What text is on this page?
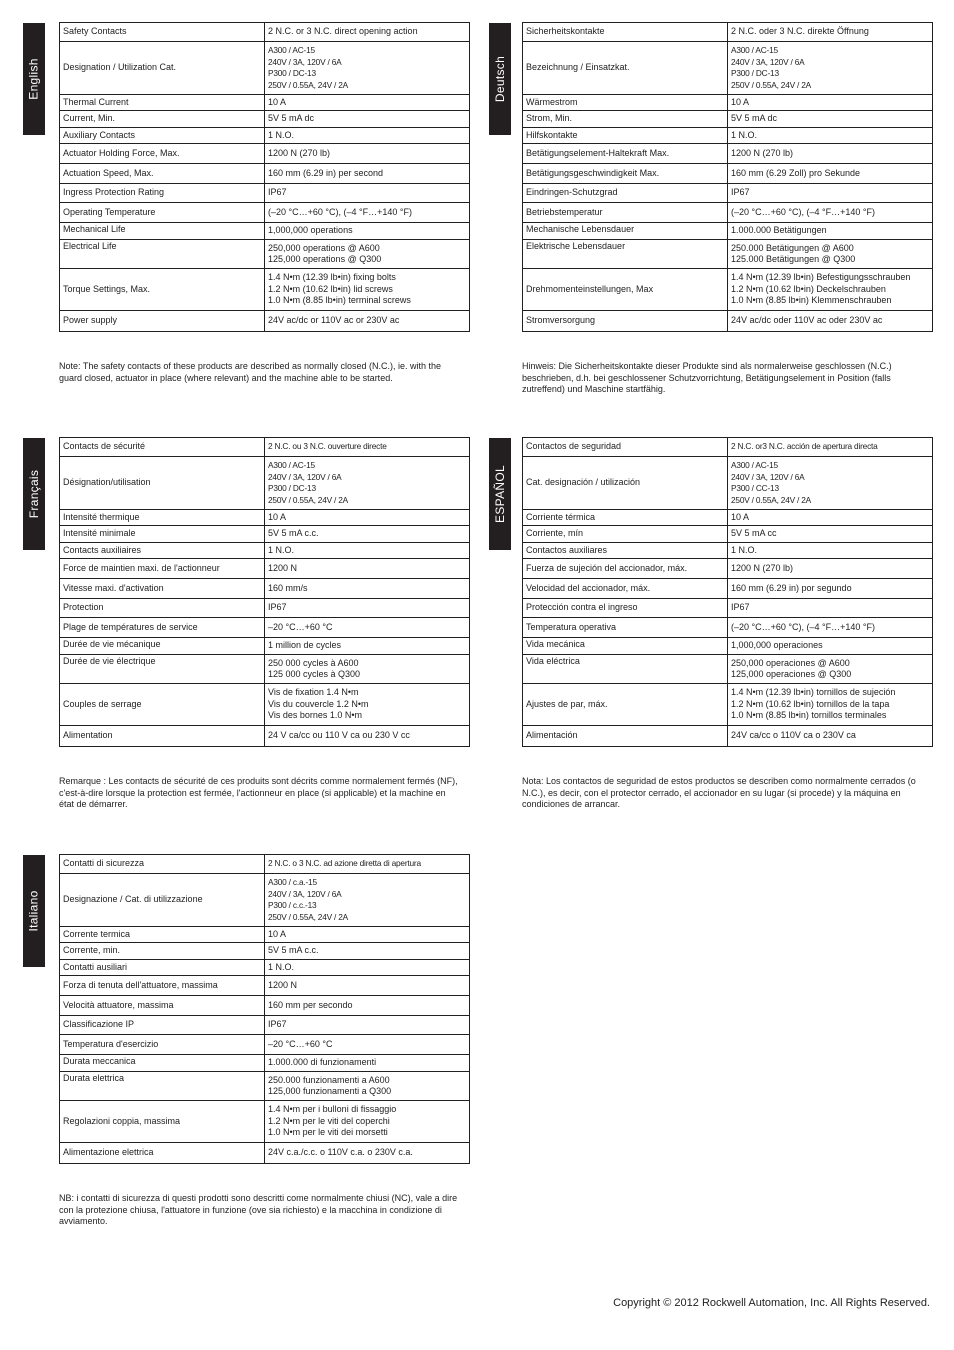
English	Deutsch
Français	ESPAÑOL
Italiano
Safety Contacts	2 N.C. or 3 N.C. direct opening action

Designation / Utilization Cat.	A300 / AC-15
240V / 3A, 120V / 6A
P300 / DC-13
250V / 0.55A, 24V / 2A

Thermal Current	10 A

Current, Min.	5V 5 mA dc

Auxiliary Contacts	1 N.O.

Actuator Holding Force, Max.	1200 N (270 lb)

Actuation Speed, Max.	160 mm (6.29 in) per second

Ingress Protection Rating	IP67

Operating Temperature	(–20 °C…+60 °C), (–4 °F…+140 °F)

Mechanical Life	1,000,000 operations

Electrical Life	250,000 operations @ A600
125,000 operations @ Q300

Torque Settings, Max.	1.4 N•m (12.39 lb•in) fixing bolts
1.2 N•m (10.62 lb•in) lid screws
1.0 N•m (8.85 lb•in) terminal screws

Power supply	24V ac/dc or 110V ac or 230V ac
Sicherheitskontakte	2 N.C. oder 3 N.C. direkte Öffnung

Bezeichnung / Einsatzkat.	A300 / AC-15
240V / 3A, 120V / 6A
P300 / DC-13
250V / 0.55A, 24V / 2A

Wärmestrom	10 A

Strom, Min.	5V 5 mA dc

Hilfskontakte	1 N.O.

Betätigungselement-Haltekraft Max.	1200 N (270 lb)

Betätigungsgeschwindigkeit Max.	160 mm (6.29 Zoll) pro Sekunde

Eindringen-Schutzgrad	IP67

Betriebstemperatur	(–20 °C…+60 °C), (–4 °F…+140 °F)

Mechanische Lebensdauer	1.000.000 Betätigungen

Elektrische Lebensdauer	250.000 Betätigungen @ A600
125.000 Betätigungen @ Q300

Drehmomenteinstellungen, Max	1.4 N•m (12.39 lb•in) Befestigungsschrauben
1.2 N•m (10.62 lb•in) Deckelschrauben
1.0 N•m (8.85 lb•in) Klemmenschrauben

Stromversorgung	24V ac/dc oder 110V ac oder 230V ac
Contacts de sécurité	2 N.C. ou 3 N.C. ouverture directe

Désignation/utilisation	A300 / AC-15
240V / 3A, 120V / 6A
P300 / DC-13
250V / 0.55A, 24V / 2A

Intensité thermique	10 A

Intensité minimale	5V 5 mA c.c.

Contacts auxiliaires	1 N.O.

Force de maintien maxi. de l'actionneur	1200 N

Vitesse maxi. d'activation	160 mm/s

Protection	IP67

Plage de températures de service	–20 °C…+60 °C

Durée de vie mécanique	1 million de cycles

Durée de vie électrique	250 000 cycles à A600
125 000 cycles à Q300

Couples de serrage	Vis de fixation 1.4 N•m
Vis du couvercle 1.2 N•m
Vis des bornes 1.0 N•m

Alimentation	24 V ca/cc ou 110 V ca ou 230 V cc
Contactos de seguridad	2 N.C. or3 N.C. acción de apertura directa

Cat. designación / utilización	A300 / AC-15
240V / 3A, 120V / 6A
P300 / CC-13
250V / 0.55A, 24V / 2A

Corriente térmica	10 A

Corriente, mín	5V 5 mA cc

Contactos auxiliares	1 N.O.

Fuerza de sujeción del accionador, máx.	1200 N (270 lb)

Velocidad del accionador, máx.	160 mm (6.29 in) por segundo

Protección contra el ingreso	IP67

Temperatura operativa	(–20 °C…+60 °C), (–4 °F…+140 °F)

Vida mecánica	1,000,000 operaciones

Vida eléctrica	250,000 operaciones @ A600
125,000 operaciones @ Q300

Ajustes de par, máx.	1.4 N•m (12.39 lb•in) tornillos de sujeción
1.2 N•m (10.62 lb•in) tornillos de la tapa
1.0 N•m (8.85 lb•in) tornillos terminales

Alimentación	24V ca/cc o 110V ca o 230V ca
Contatti di sicurezza	2 N.C. o 3 N.C. ad azione diretta di apertura

Designazione / Cat. di utilizzazione	A300 / c.a.-15
240V / 3A, 120V / 6A
P300 / c.c.-13
250V / 0.55A, 24V / 2A

Corrente termica	10 A

Corrente, min.	5V 5 mA c.c.

Contatti ausiliari	1 N.O.

Forza di tenuta dell'attuatore, massima	1200 N

Velocità attuatore, massima	160 mm per secondo

Classificazione IP	IP67

Temperatura d'esercizio	–20 °C…+60 °C

Durata meccanica	1.000.000 di funzionamenti

Durata elettrica	250.000 funzionamenti a A600
125,000 funzionamenti a Q300

Regolazioni coppia, massima	1.4 N•m per i bulloni di fissaggio
1.2 N•m per le viti del coperchi
1.0 N•m per le viti dei morsetti

Alimentazione elettrica	24V c.a./c.c. o 110V c.a. o 230V c.a.
Note: The safety contacts of these products are described as normally closed (N.C.), ie. with the guard closed, actuator in place (where relevant) and the machine able to be started.
Hinweis: Die Sicherheitskontakte dieser Produkte sind als normalerweise geschlossen (N.C.) beschrieben, d.h. bei geschlossener Schutzvorrichtung, Betätigungselement in Position (falls zutreffend) und Maschine startfähig.
Remarque : Les contacts de sécurité de ces produits sont décrits comme normalement fermés (NF), c'est-à-dire lorsque la protection est fermée, l'actionneur en place (si applicable) et la machine en état de démarrer.
Nota: Los contactos de seguridad de estos productos se describen como normalmente cerrados (o N.C.), es decir, con el protector cerrado, el accionador en su lugar (si procede) y la máquina en condiciones de arrancar.
NB: i contatti di sicurezza di questi prodotti sono descritti come normalmente chiusi (NC), vale a dire con la protezione chiusa, l'attuatore in funzione (ove sia richiesto) e la macchina in condizione di avviamento.
Copyright © 2012 Rockwell Automation, Inc. All Rights Reserved.
